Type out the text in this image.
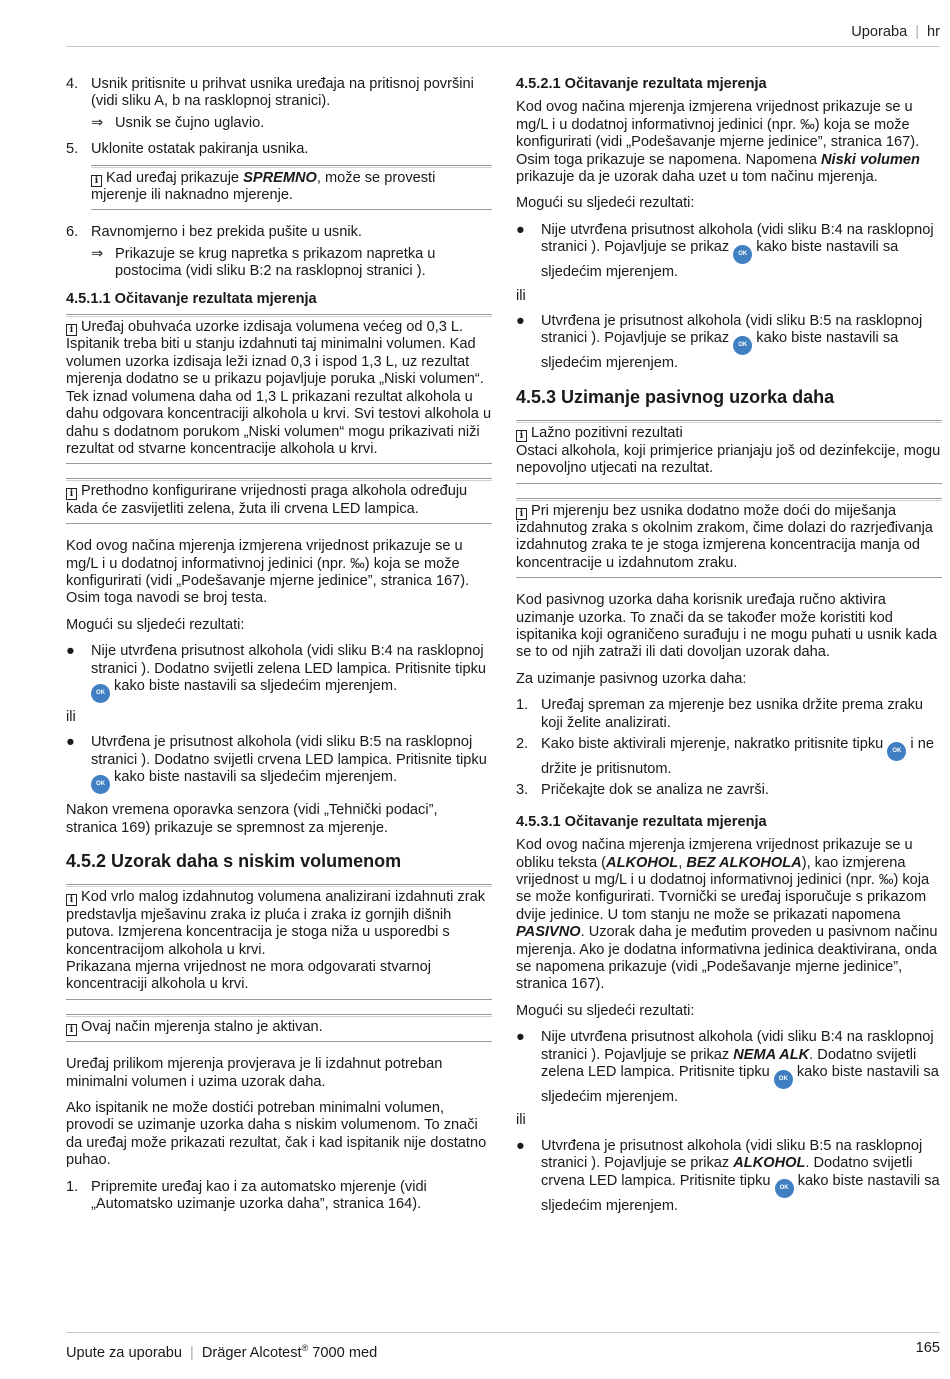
Uporaba | hr
4. Usnik pritisnite u prihvat usnika uređaja na pritisnoj površini (vidi sliku A, b na rasklopnoj stranici).
⇒ Usnik se čujno uglavio.
5. Uklonite ostatak pakiranja usnika.
i Kad uređaj prikazuje SPREMNO, može se provesti mjerenje ili naknadno mjerenje.
6. Ravnomjerno i bez prekida pušite u usnik.
⇒ Prikazuje se krug napretka s prikazom napretka u postocima (vidi sliku B:2 na rasklopnoj stranici ).
4.5.1.1 Očitavanje rezultata mjerenja
i Uređaj obuhvaća uzorke izdisaja volumena većeg od 0,3 L. Ispitanik treba biti u stanju izdahnuti taj minimalni volumen. Kad volumen uzorka izdisaja leži iznad 0,3 i ispod 1,3 L, uz rezultat mjerenja dodatno se u prikazu pojavljuje poruka „Niski volumen“. Tek iznad volumena daha od 1,3 L prikazani rezultat alkohola u dahu odgovara koncentraciji alkohola u krvi. Svi testovi alkohola u dahu s dodatnom porukom „Niski volumen“ mogu prikazivati niži rezultat od stvarne koncentracije alkohola u krvi.
i Prethodno konfigurirane vrijednosti praga alkohola određuju kada će zasvijetliti zelena, žuta ili crvena LED lampica.

Kod ovog načina mjerenja izmjerena vrijednost prikazuje se u mg/L i u dodatnoj informativnoj jedinici (npr. ‰) koja se može konfigurirati (vidi „Podešavanje mjerne jedinice”, stranica 167). Osim toga navodi se broj testa.

Mogući su sljedeći rezultati:

●	Nije utvrđena prisutnost alkohola (vidi sliku B:4 na rasklopnoj stranici ). Dodatno svijetli zelena LED lampica. Pritisnite tipku OK kako biste nastavili sa sljedećim mjerenjem.
ili
●	Utvrđena je prisutnost alkohola (vidi sliku B:5 na rasklopnoj stranici ). Dodatno svijetli crvena LED lampica. Pritisnite tipku OK kako biste nastavili sa sljedećim mjerenjem.

Nakon vremena oporavka senzora (vidi „Tehnički podaci”, stranica 169) prikazuje se spremnost za mjerenje.

4.5.2 Uzorak daha s niskim volumenom
i Kod vrlo malog izdahnutog volumena analizirani izdahnuti zrak predstavlja mješavinu zraka iz pluća i zraka iz gornjih dišnih putova. Izmjerena koncentracija je stoga niža u usporedbi s koncentracijom alkohola u krvi.
Prikazana mjerna vrijednost ne mora odgovarati stvarnoj koncentraciji alkohola u krvi.
i Ovaj način mjerenja stalno je aktivan.

Uređaj prilikom mjerenja provjerava je li izdahnut potreban minimalni volumen i uzima uzorak daha.

Ako ispitanik ne može dostići potreban minimalni volumen, provodi se uzimanje uzorka daha s niskim volumenom. To znači da uređaj može prikazati rezultat, čak i kad ispitanik nije dostatno puhao.

1. Pripremite uređaj kao i za automatsko mjerenje (vidi „Automatsko uzimanje uzorka daha”, stranica 164).
4.5.2.1 Očitavanje rezultata mjerenja

Kod ovog načina mjerenja izmjerena vrijednost prikazuje se u mg/L i u dodatnoj informativnoj jedinici (npr. ‰) koja se može konfigurirati (vidi „Podešavanje mjerne jedinice”, stranica 167). Osim toga prikazuje se napomena. Napomena Niski volumen prikazuje da je uzorak daha uzet u tom načinu mjerenja.

Mogući su sljedeći rezultati:

●	Nije utvrđena prisutnost alkohola (vidi sliku B:4 na rasklopnoj stranici ). Pojavljuje se prikaz OK kako biste nastavili sa sljedećim mjerenjem.
ili
●	Utvrđena je prisutnost alkohola (vidi sliku B:5 na rasklopnoj stranici ). Pojavljuje se prikaz OK kako biste nastavili sa sljedećim mjerenjem.
4.5.3 Uzimanje pasivnog uzorka daha
i Lažno pozitivni rezultati
Ostaci alkohola, koji primjerice prianjaju još od dezinfekcije, mogu nepovoljno utjecati na rezultat.
i Pri mjerenju bez usnika dodatno može doći do miješanja izdahnutog zraka s okolnim zrakom, čime dolazi do razrjeđivanja izdahnutog zraka te je stoga izmjerena koncentracija manja od koncentracije u izdahnutom zraku.

Kod pasivnog uzorka daha korisnik uređaja ručno aktivira uzimanje uzorka. To znači da se također može koristiti kod ispitanika koji ograničeno surađuju i ne mogu puhati u usnik kada se to od njih zatraži ili dati dovoljan uzorak daha.

Za uzimanje pasivnog uzorka daha:

1. Uređaj spreman za mjerenje bez usnika držite prema zraku koji želite analizirati.
2. Kako biste aktivirali mjerenje, nakratko pritisnite tipku OK i ne držite je pritisnutom.
3. Pričekajte dok se analiza ne završi.
4.5.3.1 Očitavanje rezultata mjerenja

Kod ovog načina mjerenja izmjerena vrijednost prikazuje se u obliku teksta (ALKOHOL, BEZ ALKOHOLA), kao izmjerena vrijednost u mg/L i u dodatnoj informativnoj jedinici (npr. ‰) koja se može konfigurirati. Tvornički se uređaj isporučuje s prikazom dvije jedinice. U tom stanju ne može se prikazati napomena PASIVNO. Uzorak daha je međutim proveden u pasivnom načinu mjerenja. Ako je dodatna informativna jedinica deaktivirana, onda se napomena prikazuje (vidi „Podešavanje mjerne jedinice”, stranica 167).

Mogući su sljedeći rezultati:

●	Nije utvrđena prisutnost alkohola (vidi sliku B:4 na rasklopnoj stranici ). Pojavljuje se prikaz NEMA ALK. Dodatno svijetli zelena LED lampica. Pritisnite tipku OK kako biste nastavili sa sljedećim mjerenjem.
ili
●	Utvrđena je prisutnost alkohola (vidi sliku B:5 na rasklopnoj stranici ). Pojavljuje se prikaz ALKOHOL. Dodatno svijetli crvena LED lampica. Pritisnite tipku OK kako biste nastavili sa sljedećim mjerenjem.
Upute za uporabu | Dräger Alcotest® 7000 med	165
